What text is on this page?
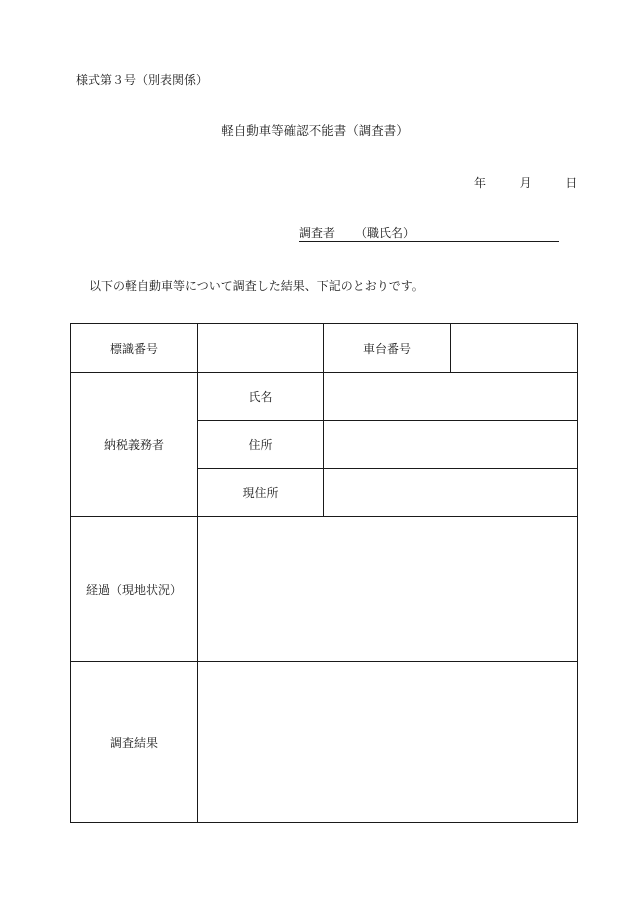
様式第３号（別表関係）
軽自動車等確認不能書（調査書）
年	月	日
調査者 （職氏名）
以下の軽自動車等について調査した結果、下記のとおりです。
標識番号		車台番号	
納税義務者	氏名		
	住所		
	現住所		
経過（現地状況）			
調査結果			
